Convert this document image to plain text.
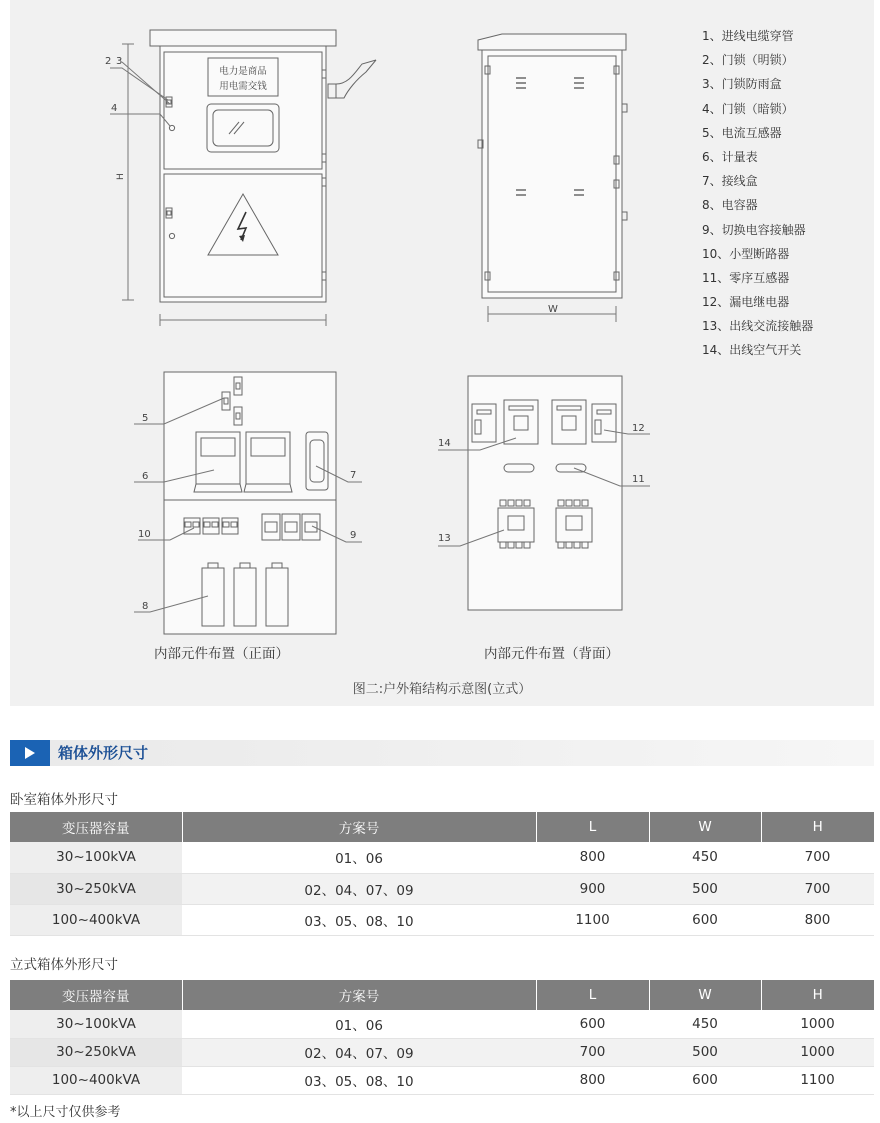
电力是商品
用电需交钱
2 3
4
H
W
5
6	7
10	9
8
14
12
11
13
1、进线电缆穿管
2、门锁（明锁）
3、门锁防雨盒
4、门锁（暗锁）
5、电流互感器
6、计量表
7、接线盒
8、电容器
9、切换电容接触器
10、小型断路器
11、零序互感器
12、漏电继电器
13、出线交流接触器
14、出线空气开关
内部元件布置（正面）	内部元件布置（背面）
图二:户外箱结构示意图(立式）
箱体外形尺寸
卧室箱体外形尺寸
变压器容量	方案号	L	W	H
30~100kVA	01、06	800	450	700
30~250kVA	02、04、07、09	900	500	700
100~400kVA	03、05、08、10	1100	600	800
立式箱体外形尺寸
变压器容量	方案号	L	W	H
30~100kVA	01、06	600	450	1000
30~250kVA	02、04、07、09	700	500	1000
100~400kVA	03、05、08、10	800	600	1100
*以上尺寸仅供参考
